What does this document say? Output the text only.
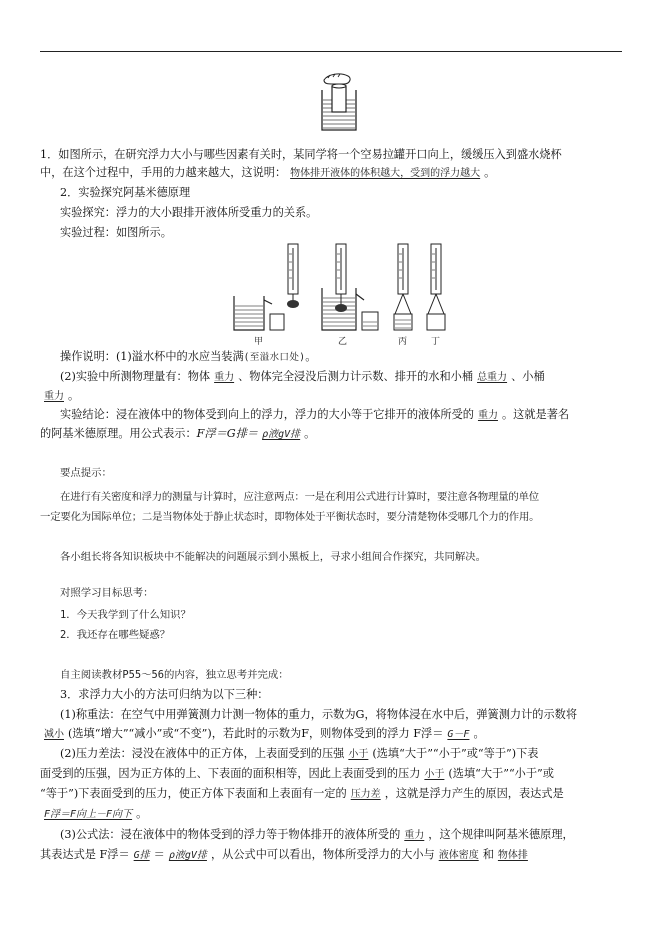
1．如图所示，在研究浮力大小与哪些因素有关时，某同学将一个空易拉罐开口向上，缓缓压入到盛水烧杯
中，在这个过程中，手用的力越来越大，这说明： 物体排开液体的体积越大，受到的浮力越大 。
2．实验探究阿基米德原理
实验探究：浮力的大小跟排开液体所受重力的关系。
实验过程：如图所示。
甲	乙	丙	丁
操作说明：(1)溢水杯中的水应当装满(至溢水口处)。
(2)实验中所测物理量有：物体 重力 、物体完全浸没后测力计示数、排开的水和小桶 总重力 、小桶
重力 。
实验结论：浸在液体中的物体受到向上的浮力，浮力的大小等于它排开的液体所受的 重力 。这就是著名
的阿基米德原理。用公式表示：F浮＝G排＝ ρ液gV排 。
要点提示：
在进行有关密度和浮力的测量与计算时，应注意两点：一是在利用公式进行计算时，要注意各物理量的单位
一定要化为国际单位；二是当物体处于静止状态时，即物体处于平衡状态时，要分清楚物体受哪几个力的作用。
各小组长将各知识板块中不能解决的问题展示到小黑板上，寻求小组间合作探究，共同解决。
对照学习目标思考：
1．今天我学到了什么知识？
2．我还存在哪些疑惑？
自主阅读教材P55～56的内容，独立思考并完成：
3．求浮力大小的方法可归纳为以下三种：
(1)称重法：在空气中用弹簧测力计测一物体的重力，示数为G，将物体浸在水中后，弹簧测力计的示数将
减小 (选填“增大”“减小”或“不变”)，若此时的示数为F，则物体受到的浮力 F浮＝ G－F 。
(2)压力差法：浸没在液体中的正方体，上表面受到的压强 小于 (选填“大于”“小于”或“等于”)下表
面受到的压强，因为正方体的上、下表面的面积相等，因此上表面受到的压力 小于 (选填“大于”“小于”或
“等于”)下表面受到的压力，使正方体下表面和上表面有一定的 压力差 ，这就是浮力产生的原因，表达式是
F浮＝F向上－F向下 。
(3)公式法：浸在液体中的物体受到的浮力等于物体排开的液体所受的 重力 ，这个规律叫阿基米德原理，
其表达式是 F浮＝ G排 ＝ ρ液gV排 ，从公式中可以看出，物体所受浮力的大小与 液体密度 和 物体排
